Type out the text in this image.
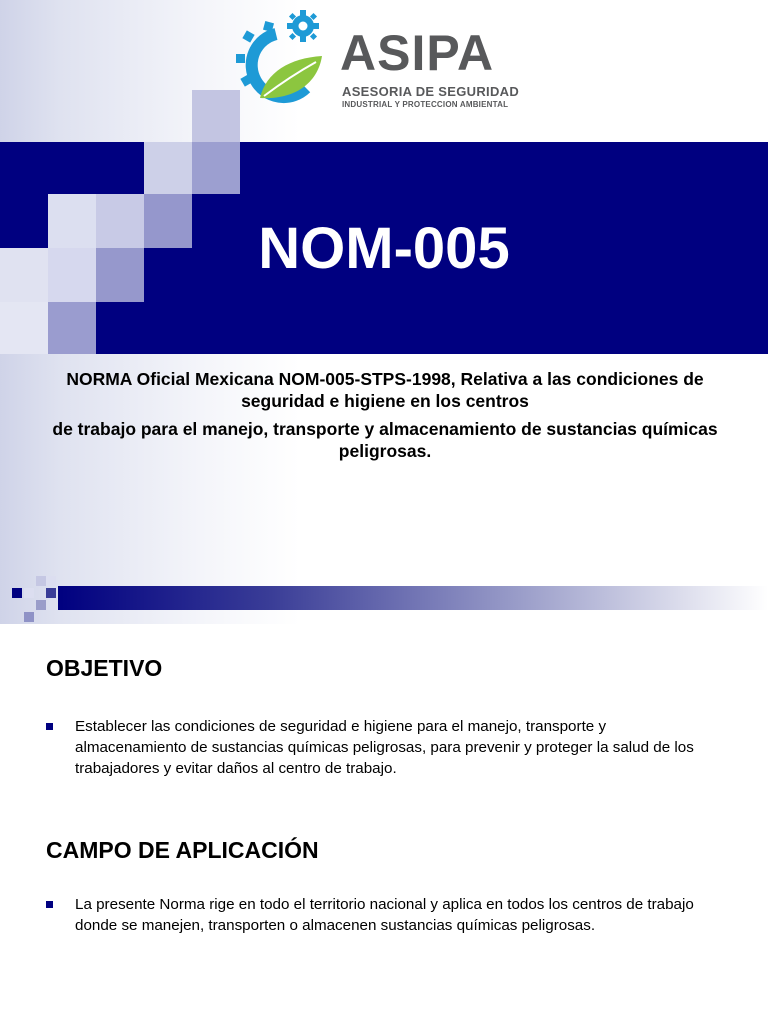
ASIPA
ASESORIA DE SEGURIDAD
INDUSTRIAL Y PROTECCION AMBIENTAL
NOM-005

NORMA Oficial Mexicana NOM-005-STPS-1998, Relativa a las condiciones de seguridad e higiene en los centros

de trabajo para el manejo, transporte y almacenamiento de sustancias químicas peligrosas.

OBJETIVO
Establecer las condiciones de seguridad e higiene para el manejo, transporte y almacenamiento de sustancias químicas peligrosas, para prevenir y proteger la salud de los trabajadores y evitar daños al centro de trabajo.
CAMPO DE APLICACIÓN
La presente Norma rige en todo el territorio nacional y aplica en todos los centros de trabajo donde se manejen, transporten o almacenen sustancias químicas peligrosas.
